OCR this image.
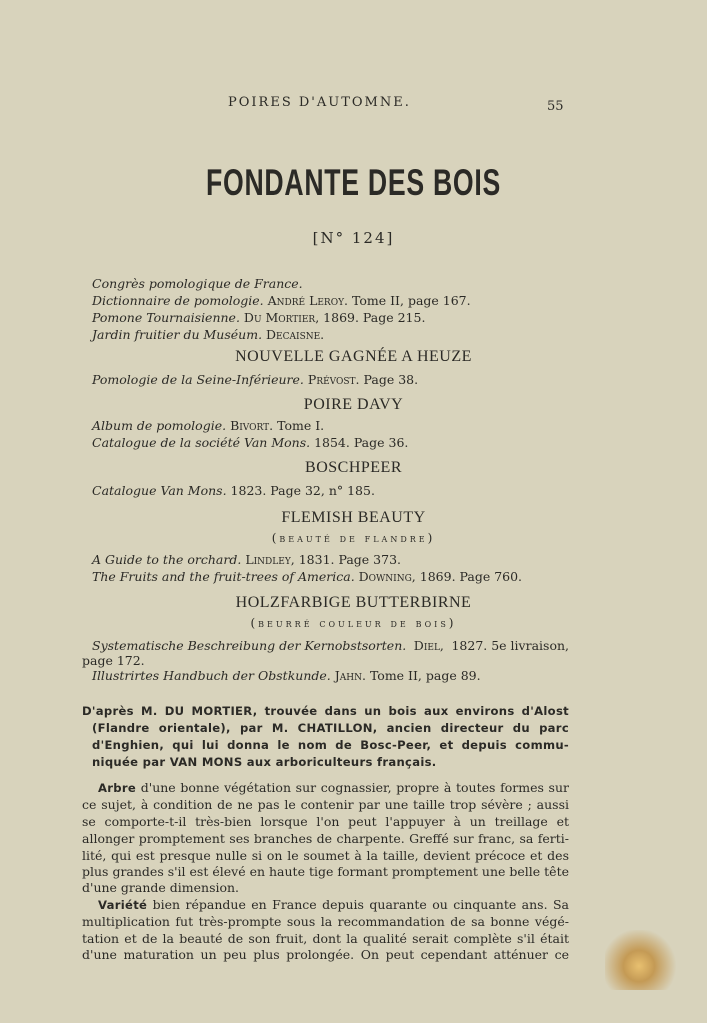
POIRES D'AUTOMNE.	55
FONDANTE DES BOIS
[N° 124]
Congrès pomologique de France.
Dictionnaire de pomologie. André Leroy. Tome II, page 167.
Pomone Tournaisienne. Du Mortier, 1869. Page 215.
Jardin fruitier du Muséum. Decaisne.
NOUVELLE GAGNÉE A HEUZE
Pomologie de la Seine-Inférieure. Prévost. Page 38.
POIRE DAVY
Album de pomologie. Bivort. Tome I.
Catalogue de la société Van Mons. 1854. Page 36.
BOSCHPEER
Catalogue Van Mons. 1823. Page 32, n° 185.
FLEMISH BEAUTY
(beauté de flandre)
A Guide to the orchard. Lindley, 1831. Page 373.
The Fruits and the fruit-trees of America. Downing, 1869. Page 760.
HOLZFARBIGE BUTTERBIRNE
(beurré couleur de bois)
Systematische Beschreibung der Kernobstsorten. Diel, 1827. 5e livraison,
page 172.
Illustrirtes Handbuch der Obstkunde. Jahn. Tome II, page 89.
D'après M. DU MORTIER, trouvée dans un bois aux environs d'Alost
(Flandre orientale), par M. CHATILLON, ancien directeur du parc
d'Enghien, qui lui donna le nom de Bosc-Peer, et depuis commu-
niquée par VAN MONS aux arboriculteurs français.
Arbre d'une bonne végétation sur cognassier, propre à toutes formes sur
ce sujet, à condition de ne pas le contenir par une taille trop sévère ; aussi
se comporte-t-il très-bien lorsque l'on peut l'appuyer à un treillage et
allonger promptement ses branches de charpente. Greffé sur franc, sa ferti-
lité, qui est presque nulle si on le soumet à la taille, devient précoce et des
plus grandes s'il est élevé en haute tige formant promptement une belle tête
d'une grande dimension.
Variété bien répandue en France depuis quarante ou cinquante ans. Sa
multiplication fut très-prompte sous la recommandation de sa bonne végé-
tation et de la beauté de son fruit, dont la qualité serait complète s'il était
d'une maturation un peu plus prolongée. On peut cependant atténuer ce
